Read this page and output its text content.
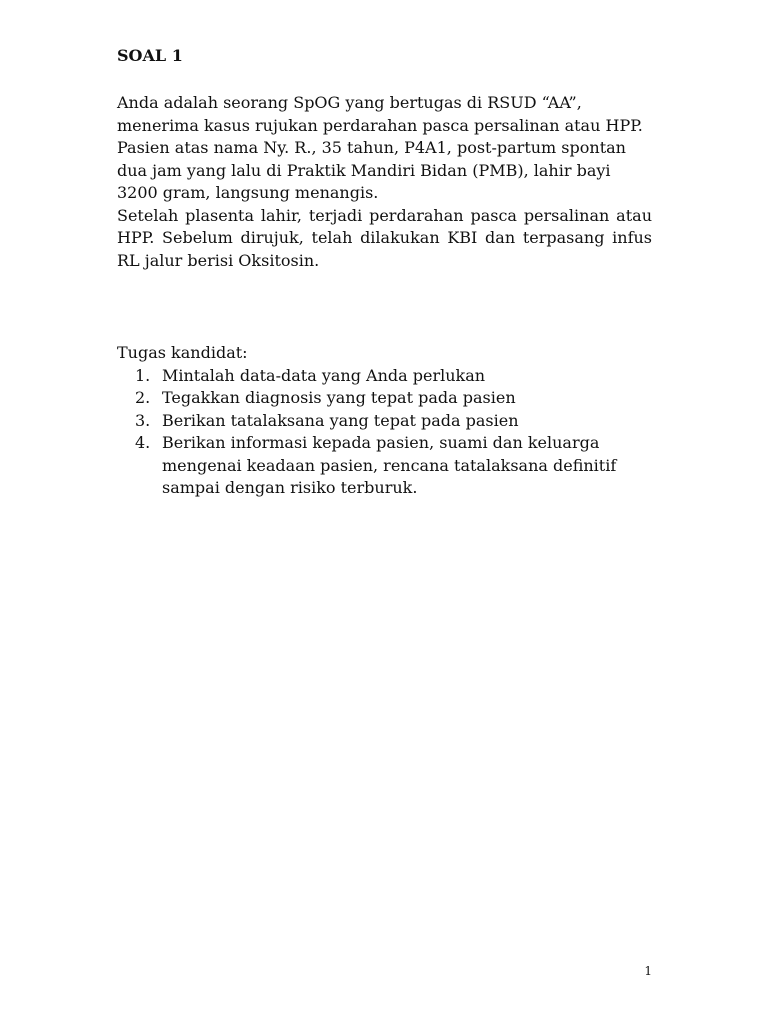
SOAL 1

Anda adalah seorang SpOG yang bertugas di RSUD “AA”, menerima kasus rujukan perdarahan pasca persalinan atau HPP.

Pasien atas nama Ny. R., 35 tahun, P4A1, post-partum spontan dua jam yang lalu di Praktik Mandiri Bidan (PMB), lahir bayi 3200 gram, langsung menangis.

Setelah plasenta lahir, terjadi perdarahan pasca persalinan atau HPP. Sebelum dirujuk, telah dilakukan KBI dan terpasang infus RL jalur berisi Oksitosin.

Tugas kandidat:

1. Mintalah data-data yang Anda perlukan
2. Tegakkan diagnosis yang tepat pada pasien
3. Berikan tatalaksana yang tepat pada pasien
4. Berikan informasi kepada pasien, suami dan keluarga mengenai keadaan pasien, rencana tatalaksana definitif sampai dengan risiko terburuk.
1
